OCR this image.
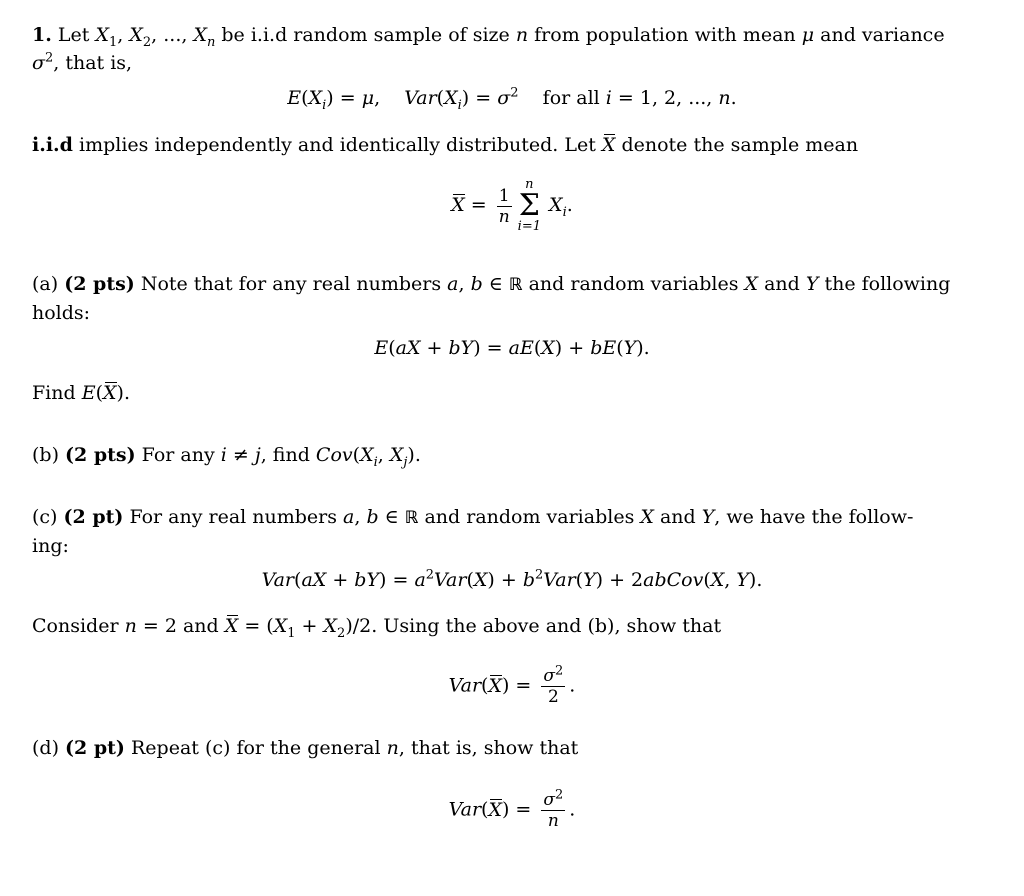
1. Let $X_1$, $X_2$, ..., $X_n$ be i.i.d random sample of size n from population with mean μ and variance
$\sigma^2$, that is,
$E(X_i) = \mu$,    $Var(X_i) = \sigma^2$ for all i = 1, 2, ..., n.
i.i.d implies independently and identically distributed. Let X denote the sample mean
$X = \frac{1}{n}$
n
Σ
i=1
$X_i$.
(a) (2 pts) Note that for any real numbers a, b ∈ ℝ and random variables X and Y the following
holds:
E(aX + bY) = aE(X) + bE(Y).
Find E(X).
(b) (2 pts) For any i ≠ j, find $Cov(X_i$, $X_j$).
(c) (2 pt) For any real numbers a, b ∈ ℝ and random variables X and Y, we have the follow-
ing:
$Var(aX + bY) = a^2Var(X) + b^2Var(Y)$ + 2abCov(X, Y).
Consider n = 2 and $X = (X_1 + X_2)/2$. Using the above and (b), show that
$Var(X) = \frac{\sigma^2}{2}$ .
(d) (2 pt) Repeat (c) for the general n, that is, show that
$Var(X) = \frac{\sigma^2}{n}$ .
